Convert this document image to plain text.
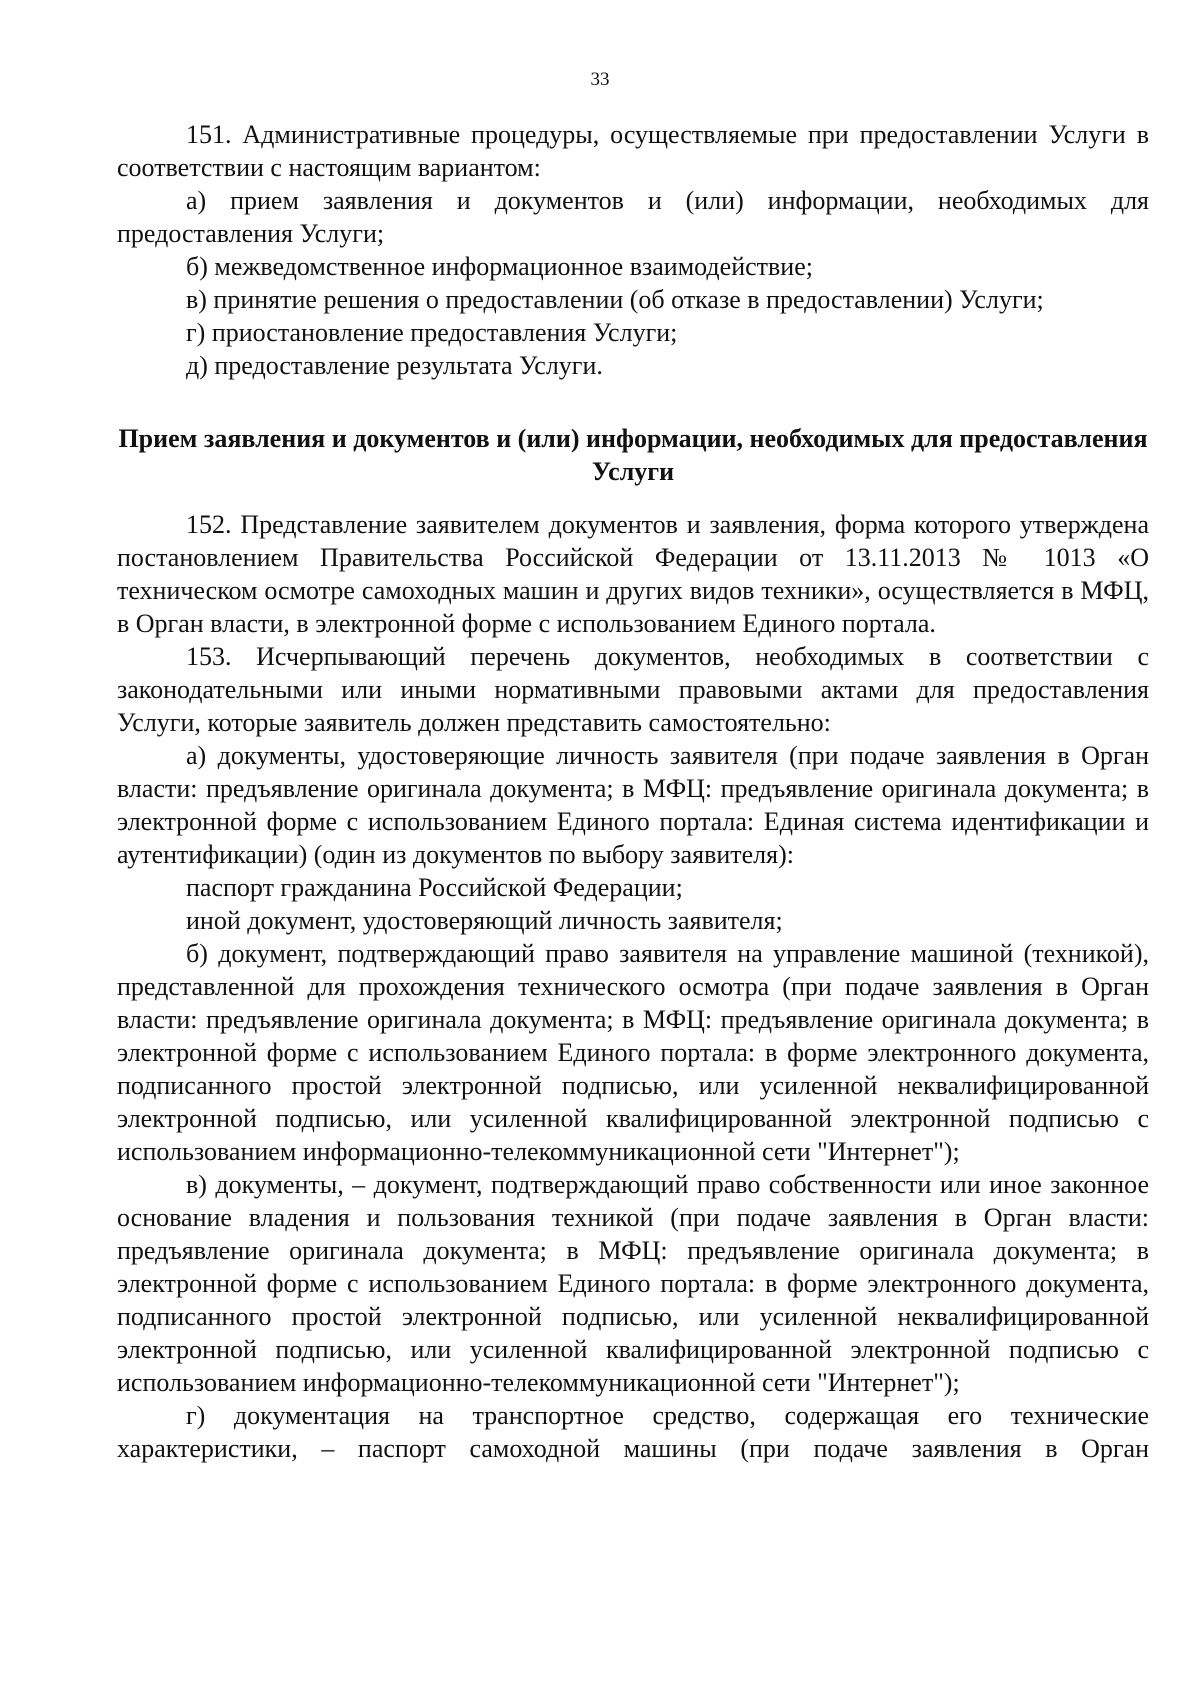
33

151. Административные процедуры, осуществляемые при предоставлении Услуги в соответствии с настоящим вариантом:

а) прием заявления и документов и (или) информации, необходимых для предоставления Услуги;

б) межведомственное информационное взаимодействие;

в) принятие решения о предоставлении (об отказе в предоставлении) Услуги;

г) приостановление предоставления Услуги;

д) предоставление результата Услуги.

Прием заявления и документов и (или) информации, необходимых для предоставления Услуги

152. Представление заявителем документов и заявления, форма которого утверждена постановлением Правительства Российской Федерации от 13.11.2013 № 1013 «О техническом осмотре самоходных машин и других видов техники», осуществляется в МФЦ, в Орган власти, в электронной форме с использованием Единого портала.

153. Исчерпывающий перечень документов, необходимых в соответствии с законодательными или иными нормативными правовыми актами для предоставления Услуги, которые заявитель должен представить самостоятельно:

а) документы, удостоверяющие личность заявителя (при подаче заявления в Орган власти: предъявление оригинала документа; в МФЦ: предъявление оригинала документа; в электронной форме с использованием Единого портала: Единая система идентификации и аутентификации) (один из документов по выбору заявителя):

паспорт гражданина Российской Федерации;

иной документ, удостоверяющий личность заявителя;

б) документ, подтверждающий право заявителя на управление машиной (техникой), представленной для прохождения технического осмотра (при подаче заявления в Орган власти: предъявление оригинала документа; в МФЦ: предъявление оригинала документа; в электронной форме с использованием Единого портала: в форме электронного документа, подписанного простой электронной подписью, или усиленной неквалифицированной электронной подписью, или усиленной квалифицированной электронной подписью с использованием информационно-телекоммуникационной сети "Интернет");

в) документы, – документ, подтверждающий право собственности или иное законное основание владения и пользования техникой (при подаче заявления в Орган власти: предъявление оригинала документа; в МФЦ: предъявление оригинала документа; в электронной форме с использованием Единого портала: в форме электронного документа, подписанного простой электронной подписью, или усиленной неквалифицированной электронной подписью, или усиленной квалифицированной электронной подписью с использованием информационно-телекоммуникационной сети "Интернет");

г) документация на транспортное средство, содержащая его технические характеристики, – паспорт самоходной машины (при подаче заявления в Орган
